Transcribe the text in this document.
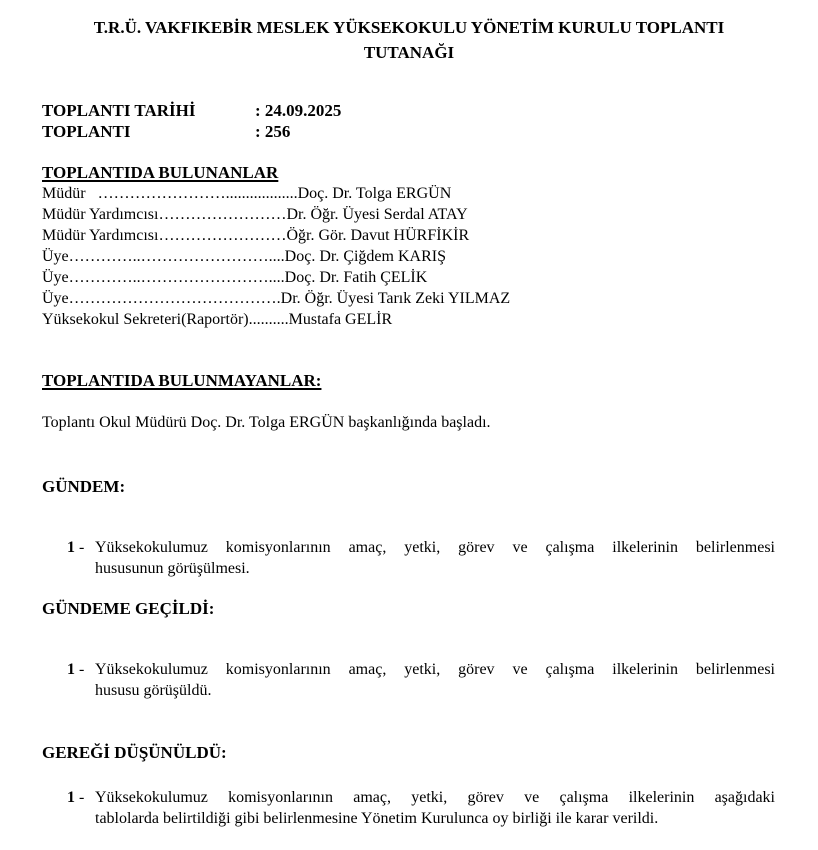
T.R.Ü. VAKFIKEBİR MESLEK YÜKSEKOKULU YÖNETİM KURULU TOPLANTI
TUTANAĞI
TOPLANTI TARİHİ	: 24.09.2025
TOPLANTI	: 256
TOPLANTIDA BULUNANLAR
Müdür   ……………………..................Doç. Dr. Tolga ERGÜN
Müdür Yardımcısı……………………Dr. Öğr. Üyesi Serdal ATAY
Müdür Yardımcısı……………………Öğr. Gör. Davut HÜRFİKİR
Üye…………..……………………....Doç. Dr. Çiğdem KARIŞ
Üye…………..……………………....Doç. Dr. Fatih ÇELİK
Üye………………………………….Dr. Öğr. Üyesi Tarık Zeki YILMAZ
Yüksekokul Sekreteri(Raportör)..........Mustafa GELİR
TOPLANTIDA BULUNMAYANLAR:
Toplantı Okul Müdürü Doç. Dr. Tolga ERGÜN başkanlığında başladı.
GÜNDEM:
1 - Yüksekokulumuz komisyonlarının amaç, yetki, görev ve çalışma ilkelerinin belirlenmesi
hususunun görüşülmesi.
GÜNDEME GEÇİLDİ:
1 - Yüksekokulumuz komisyonlarının amaç, yetki, görev ve çalışma ilkelerinin belirlenmesi
hususu görüşüldü.
GEREĞİ DÜŞÜNÜLDÜ:
1 - Yüksekokulumuz komisyonlarının amaç, yetki, görev ve çalışma ilkelerinin aşağıdaki
tablolarda belirtildiği gibi belirlenmesine Yönetim Kurulunca oy birliği ile karar verildi.
